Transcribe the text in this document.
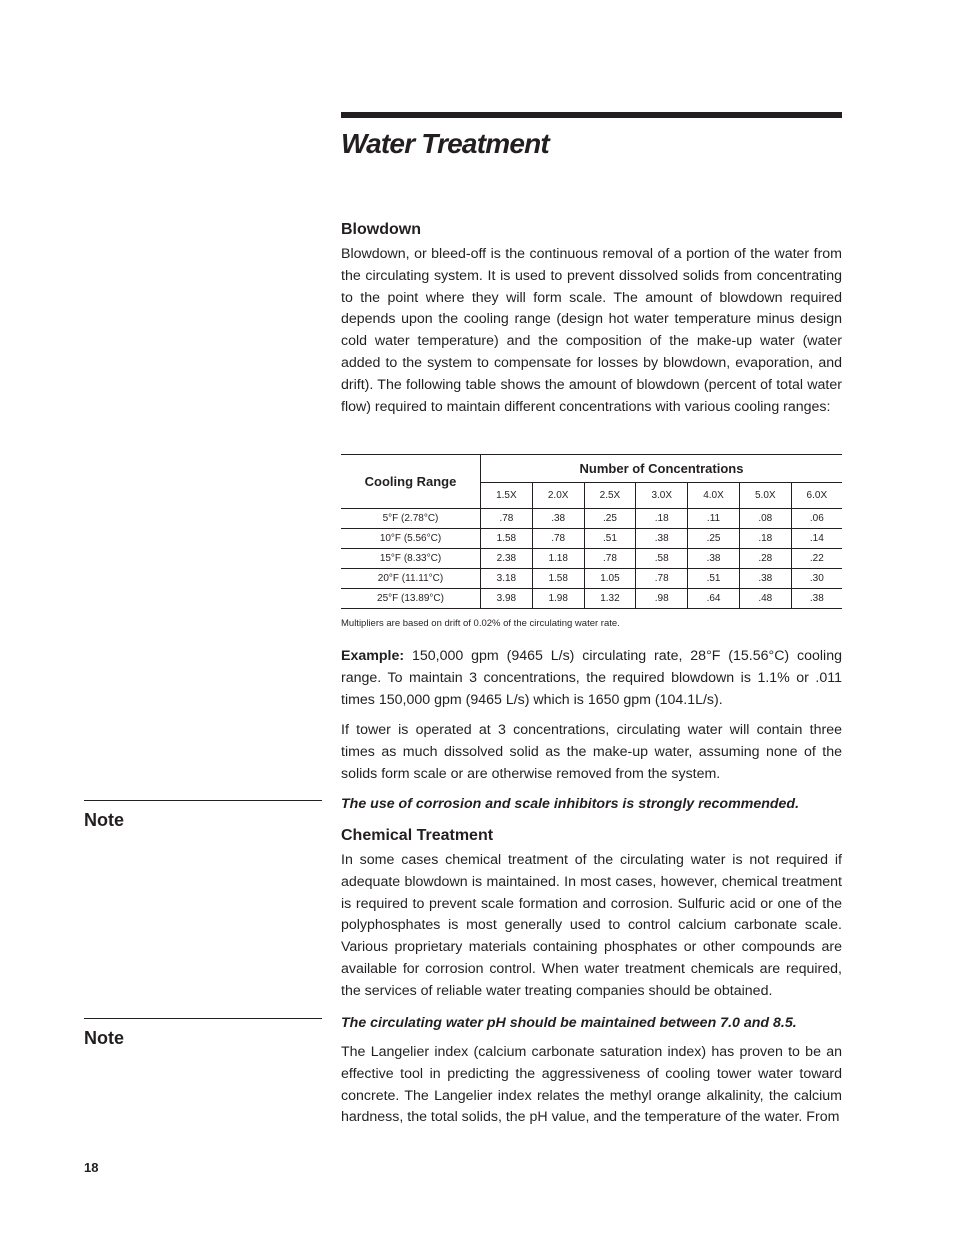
Water Treatment

Blowdown

Blowdown, or bleed-off is the continuous removal of a portion of the water from the circulating system. It is used to prevent dissolved solids from concentrating to the point where they will form scale. The amount of blowdown required depends upon the cooling range (design hot water temperature minus design cold water temperature) and the composition of the make-up water (water added to the system to compensate for losses by blowdown, evaporation, and drift). The following table shows the amount of blowdown (percent of total water flow) required to maintain different concentrations with various cooling ranges:

Cooling Range	Number of Concentrations						
	1.5X	2.0X	2.5X	3.0X	4.0X	5.0X	6.0X
5°F (2.78°C)	.78	.38	.25	.18	.11	.08	.06
10°F (5.56°C)	1.58	.78	.51	.38	.25	.18	.14
15°F (8.33°C)	2.38	1.18	.78	.58	.38	.28	.22
20°F (11.11°C)	3.18	1.58	1.05	.78	.51	.38	.30
25°F (13.89°C)	3.98	1.98	1.32	.98	.64	.48	.38

Multipliers are based on drift of 0.02% of the circulating water rate.

Example: 150,000 gpm (9465 L/s) circulating rate, 28°F (15.56°C) cooling range. To maintain 3 concentrations, the required blowdown is 1.1% or .011 times 150,000 gpm (9465 L/s) which is 1650 gpm (104.1L/s).

If tower is operated at 3 concentrations, circulating water will contain three times as much dissolved solid as the make-up water, assuming none of the solids form scale or are otherwise removed from the system.

Note

The use of corrosion and scale inhibitors is strongly recommended.

Chemical Treatment

In some cases chemical treatment of the circulating water is not required if adequate blowdown is maintained. In most cases, however, chemical treatment is required to prevent scale formation and corrosion. Sulfuric acid or one of the polyphosphates is most generally used to control calcium carbonate scale. Various proprietary materials containing phosphates or other compounds are available for corrosion control. When water treatment chemicals are required, the services of reliable water treating companies should be obtained.

Note

The circulating water pH should be maintained between 7.0 and 8.5.

The Langelier index (calcium carbonate saturation index) has proven to be an effective tool in predicting the aggressiveness of cooling tower water toward concrete. The Langelier index relates the methyl orange alkalinity, the calcium hardness, the total solids, the pH value, and the temperature of the water. From

18
